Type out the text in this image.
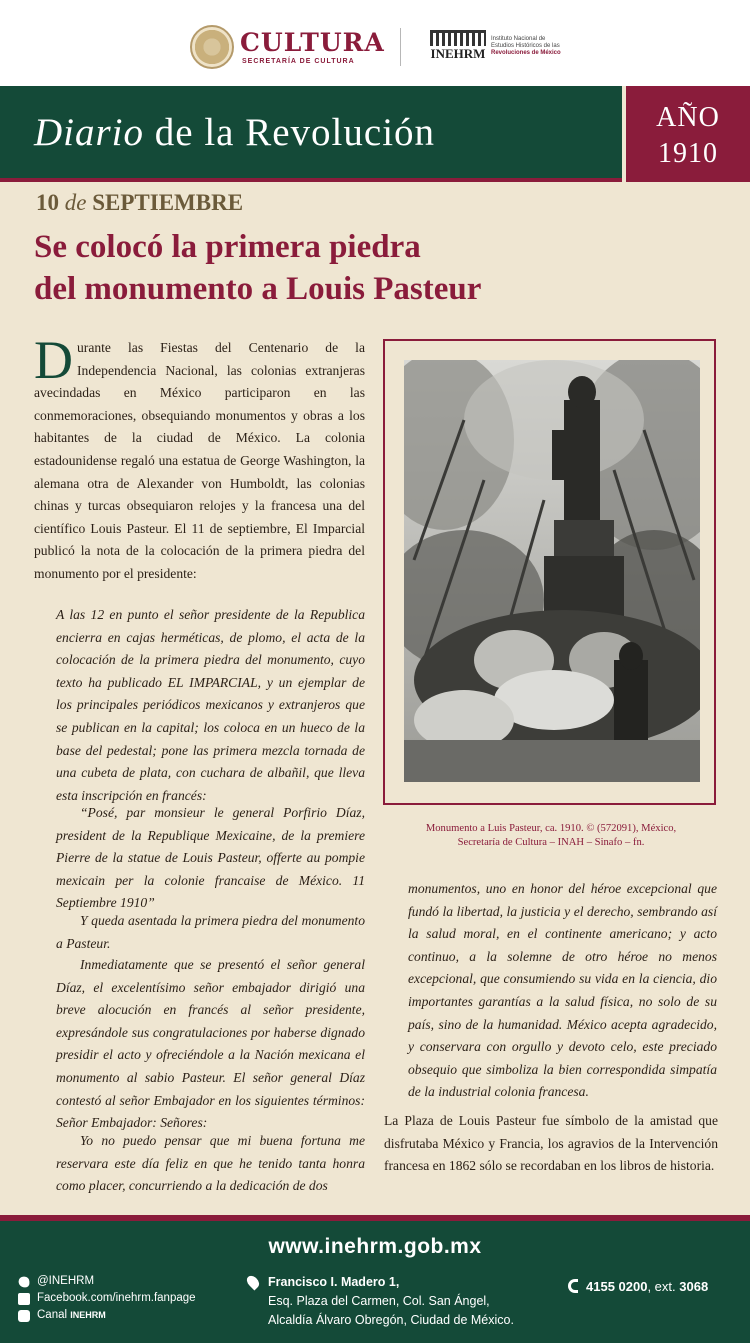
CULTURA
SECRETARÍA DE CULTURA
INEHRM
Instituto Nacional de
Estudios Históricos de las
Revoluciones de México
Diario de la Revolución	AÑO
1910
10 de SEPTIEMBRE
Se colocó la primera piedra
del monumento a Louis Pasteur
Durante las Fiestas del Centenario de la Independencia Nacional, las colonias extranjeras avecindadas en México participaron en las conmemoraciones, obsequiando monumentos y obras a los habitantes de la ciudad de México. La colonia estadounidense regaló una estatua de George Washington, la alemana otra de Alexander von Humboldt, las colonias chinas y turcas obsequiaron relojes y la francesa una del científico Louis Pasteur. El 11 de septiembre, El Imparcial publicó la nota de la colocación de la primera piedra del monumento por el presidente:
A las 12 en punto el señor presidente de la Republica encierra en cajas herméticas, de plomo, el acta de la colocación de la primera piedra del monumento, cuyo texto ha publicado EL IMPARCIAL, y un ejemplar de los principales periódicos mexicanos y extranjeros que se publican en la capital; los coloca en un hueco de la base del pedestal; pone las primera mezcla tornada de una cubeta de plata, con cuchara de albañil, que lleva esta inscripción en francés:
“Posé, par monsieur le general Porfirio Díaz, president de la Republique Mexicaine, de la premiere Pierre de la statue de Louis Pasteur, offerte au pompie mexicain per la colonie francaise de México. 11 Septiembre 1910”
Y queda asentada la primera piedra del monumento a Pasteur.
Inmediatamente que se presentó el señor general Díaz, el excelentísimo señor embajador dirigió una breve alocución en francés al señor presidente, expresándole sus congratulaciones por haberse dignado presidir el acto y ofreciéndole a la Nación mexicana el monumento al sabio Pasteur. El señor general Díaz contestó al señor Embajador en los siguientes términos: Señor Embajador: Señores:
Yo no puedo pensar que mi buena fortuna me reservara este día feliz en que he tenido tanta honra como placer, concurriendo a la dedicación de dos
monumentos, uno en honor del héroe excepcional que fundó la libertad, la justicia y el derecho, sembrando así la salud moral, en el continente americano; y acto continuo, a la solemne de otro héroe no menos excepcional, que consumiendo su vida en la ciencia, dio importantes garantías a la salud física, no solo de su país, sino de la humanidad. México acepta agradecido, y conservara con orgullo y devoto celo, este preciado obsequio que simboliza la bien correspondida simpatía de la industrial colonia francesa.
La Plaza de Louis Pasteur fue símbolo de la amistad que disfrutaba México y Francia, los agravios de la Intervención francesa en 1862 sólo se recordaban en los libros de historia.
Monumento a Luis Pasteur, ca. 1910. © (572091), México,
Secretaría de Cultura – INAH – Sinafo – fn.
www.inehrm.gob.mx
@INEHRM
Facebook.com/inehrm.fanpage
Canal
INEHRM
Francisco I. Madero 1,
Esq. Plaza del Carmen, Col. San Ángel,
Alcaldía Álvaro Obregón, Ciudad de México.
4155 0200, ext. 3068
